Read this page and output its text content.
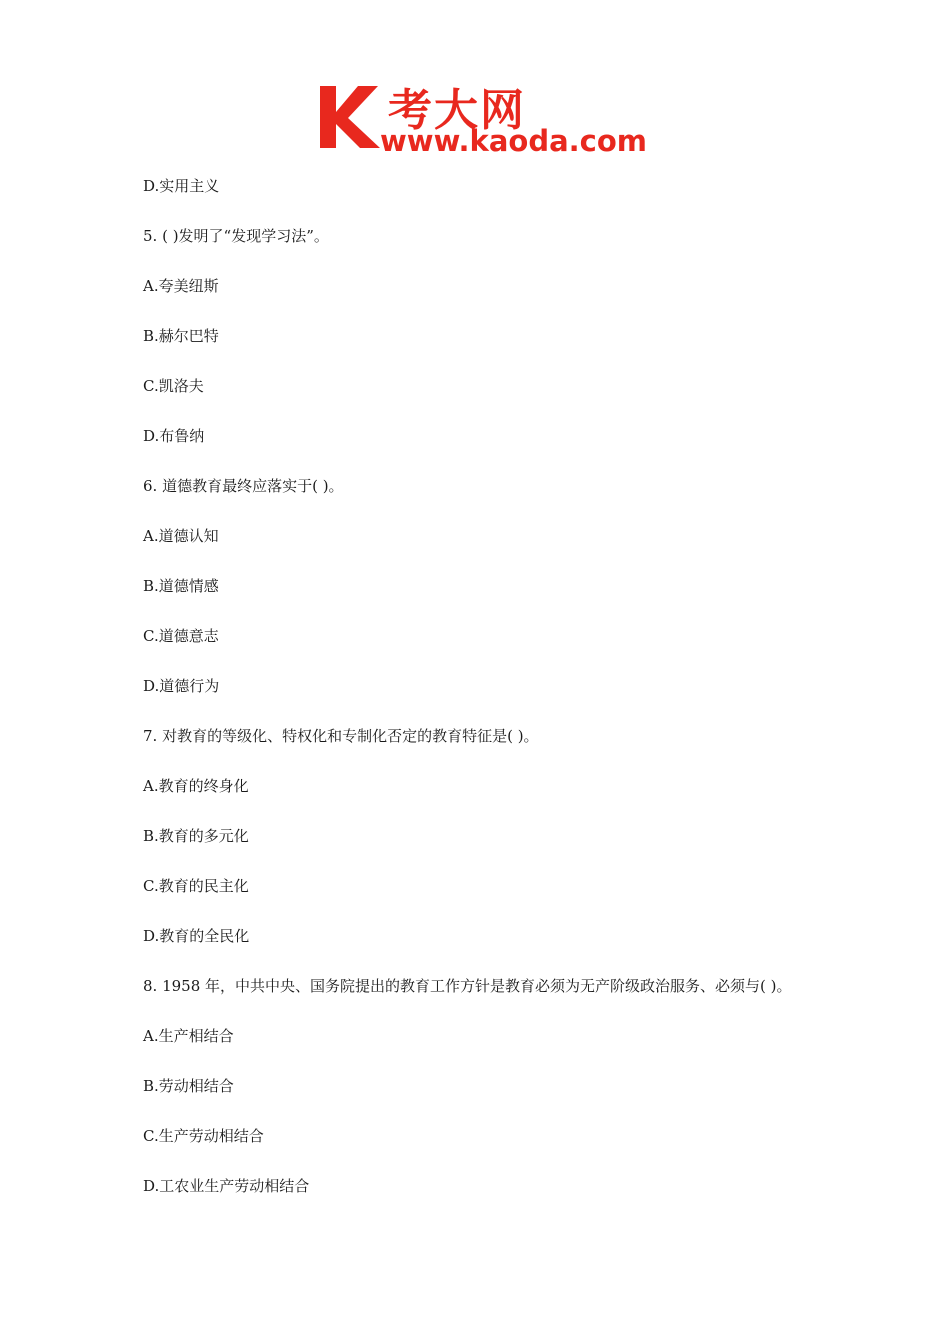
考大网
www.kaoda.com

D.实用主义

5. ( )发明了“发现学习法”。

A.夸美纽斯

B.赫尔巴特

C.凯洛夫

D.布鲁纳

6. 道德教育最终应落实于( )。

A.道德认知

B.道德情感

C.道德意志

D.道德行为

7. 对教育的等级化、特权化和专制化否定的教育特征是( )。

A.教育的终身化

B.教育的多元化

C.教育的民主化

D.教育的全民化

8. 1958 年，中共中央、国务院提出的教育工作方针是教育必须为无产阶级政治服务、必须与( )。

A.生产相结合

B.劳动相结合

C.生产劳动相结合

D.工农业生产劳动相结合
